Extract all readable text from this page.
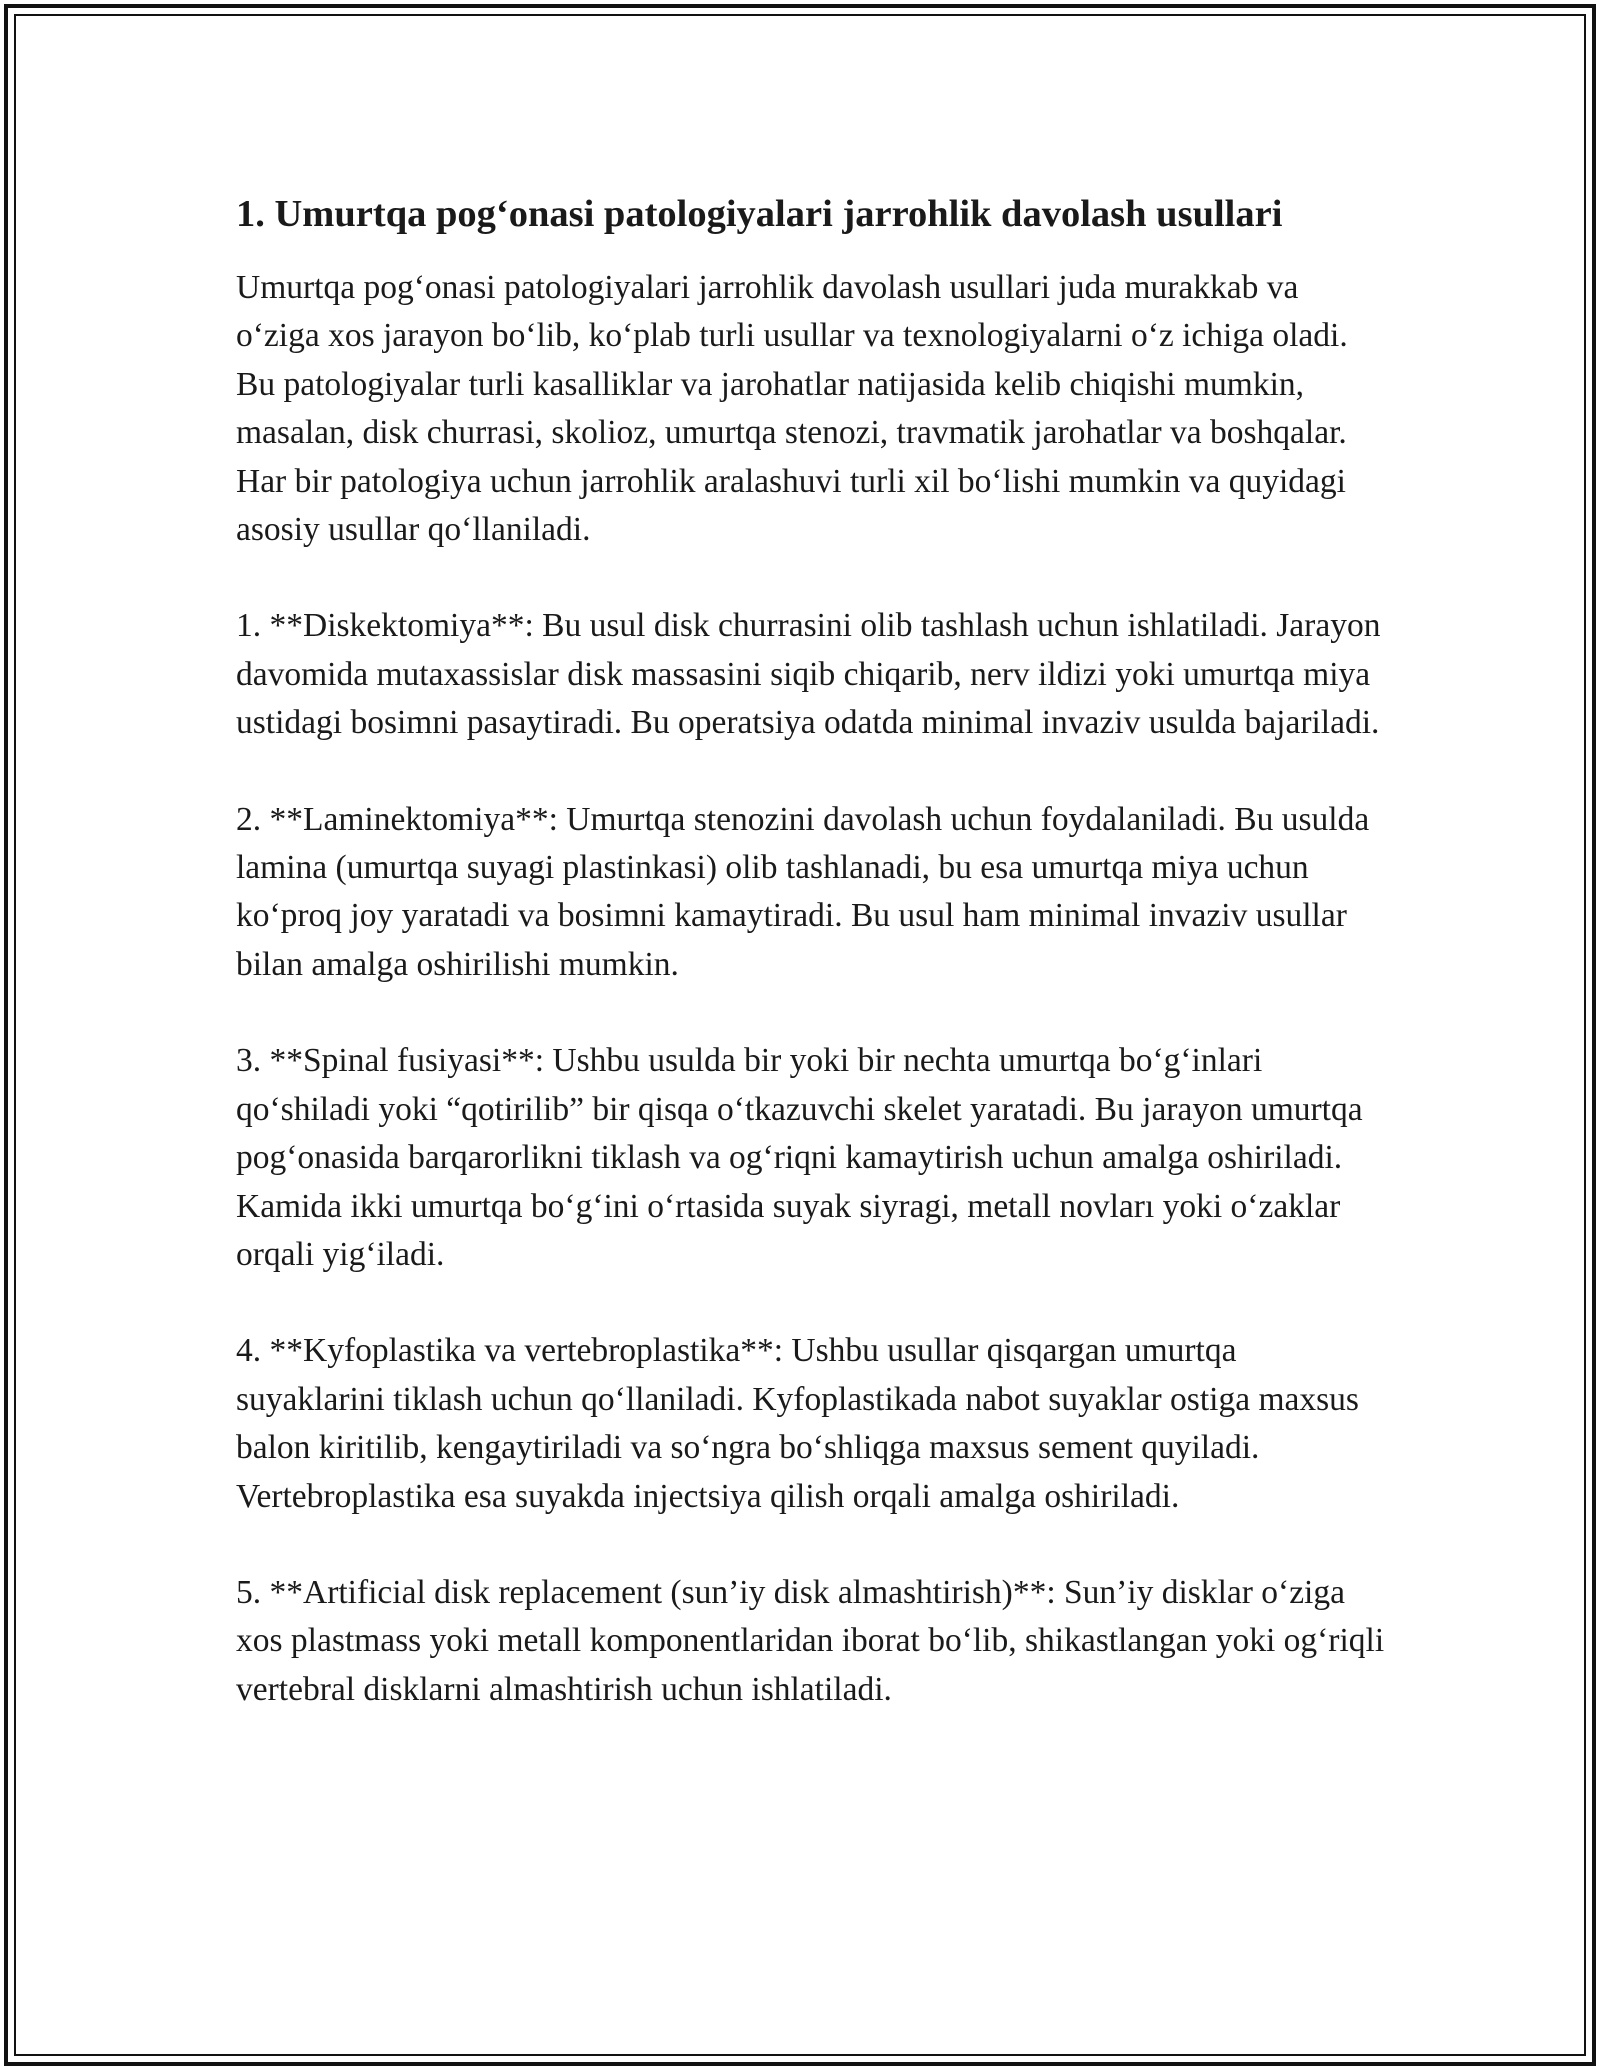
1. Umurtqa pog‘onasi patologiyalari jarrohlik davolash usullari

Umurtqa pog‘onasi patologiyalari jarrohlik davolash usullari juda murakkab va o‘ziga xos jarayon bo‘lib, ko‘plab turli usullar va texnologiyalarni o‘z ichiga oladi. Bu patologiyalar turli kasalliklar va jarohatlar natijasida kelib chiqishi mumkin, masalan, disk churrasi, skolioz, umurtqa stenozi, travmatik jarohatlar va boshqalar. Har bir patologiya uchun jarrohlik aralashuvi turli xil bo‘lishi mumkin va quyidagi asosiy usullar qo‘llaniladi.

1. **Diskektomiya**: Bu usul disk churrasini olib tashlash uchun ishlatiladi. Jarayon davomida mutaxassislar disk massasini siqib chiqarib, nerv ildizi yoki umurtqa miya ustidagi bosimni pasaytiradi. Bu operatsiya odatda minimal invaziv usulda bajariladi.

2. **Laminektomiya**: Umurtqa stenozini davolash uchun foydalaniladi. Bu usulda lamina (umurtqa suyagi plastinkasi) olib tashlanadi, bu esa umurtqa miya uchun ko‘proq joy yaratadi va bosimni kamaytiradi. Bu usul ham minimal invaziv usullar bilan amalga oshirilishi mumkin.

3. **Spinal fusiyasi**: Ushbu usulda bir yoki bir nechta umurtqa bo‘g‘inlari qo‘shiladi yoki “qotirilib” bir qisqa o‘tkazuvchi skelet yaratadi. Bu jarayon umurtqa pog‘onasida barqarorlikni tiklash va og‘riqni kamaytirish uchun amalga oshiriladi. Kamida ikki umurtqa bo‘g‘ini o‘rtasida suyak siyragi, metall novları yoki o‘zaklar orqali yig‘iladi.

4. **Kyfoplastika va vertebroplastika**: Ushbu usullar qisqargan umurtqa suyaklarini tiklash uchun qo‘llaniladi. Kyfoplastikada nabot suyaklar ostiga maxsus balon kiritilib, kengaytiriladi va so‘ngra bo‘shliqga maxsus sement quyiladi. Vertebroplastika esa suyakda injectsiya qilish orqali amalga oshiriladi.

5. **Artificial disk replacement (sun’iy disk almashtirish)**: Sun’iy disklar o‘ziga xos plastmass yoki metall komponentlaridan iborat bo‘lib, shikastlangan yoki og‘riqli vertebral disklarni almashtirish uchun ishlatiladi.
